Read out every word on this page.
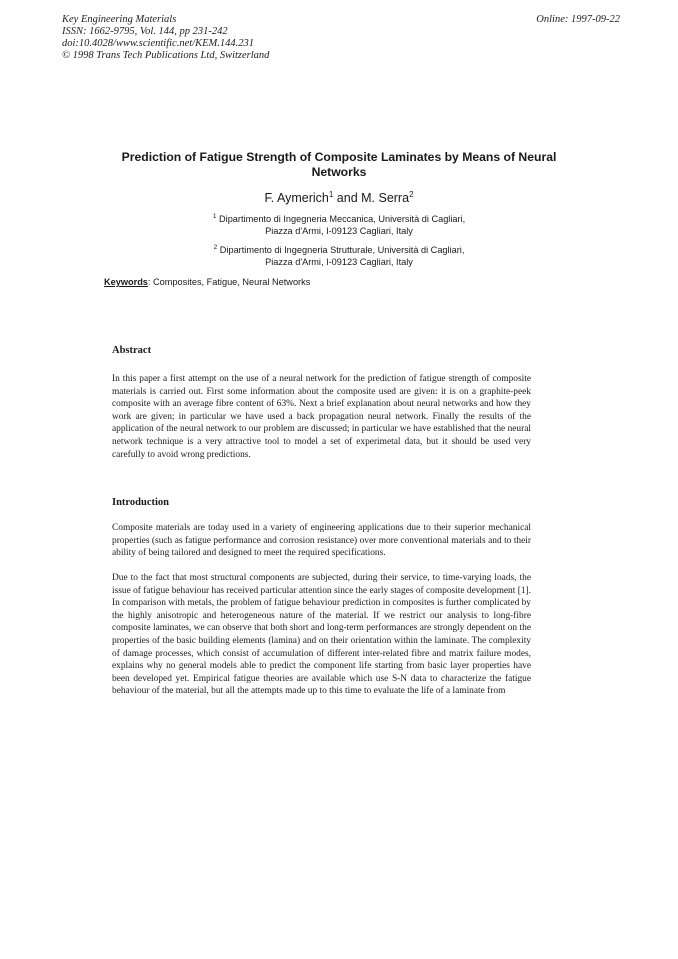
Key Engineering Materials
ISSN: 1662-9795, Vol. 144, pp 231-242
doi:10.4028/www.scientific.net/KEM.144.231
© 1998 Trans Tech Publications Ltd, Switzerland
Online: 1997-09-22
Prediction of Fatigue Strength of Composite Laminates by Means of Neural Networks
F. Aymerich$^1$ and M. Serra$^2$
$^1$ Dipartimento di Ingegneria Meccanica, Università di Cagliari,
Piazza d'Armi, I-09123 Cagliari, Italy
$^2$ Dipartimento di Ingegneria Strutturale, Università di Cagliari,
Piazza d'Armi, I-09123 Cagliari, Italy
Keywords: Composites, Fatigue, Neural Networks
Abstract

In this paper a first attempt on the use of a neural network for the prediction of fatigue strength of composite materials is carried out. First some information about the composite used are given: it is on a graphite-peek composite with an average fibre content of 63%. Next a brief explanation about neural networks and how they work are given; in particular we have used a back propagation neural network. Finally the results of the application of the neural network to our problem are discussed; in particular we have established that the neural network technique is a very attractive tool to model a set of experimetal data, but it should be used very carefully to avoid wrong predictions.

Introduction

Composite materials are today used in a variety of engineering applications due to their superior mechanical properties (such as fatigue performance and corrosion resistance) over more conventional materials and to their ability of being tailored and designed to meet the required specifications.

Due to the fact that most structural components are subjected, during their service, to time-varying loads, the issue of fatigue behaviour has received particular attention since the early stages of composite development [1]. In comparison with metals, the problem of fatigue behaviour prediction in composites is further complicated by the highly anisotropic and heterogeneous nature of the material. If we restrict our analysis to long-fibre composite laminates, we can observe that both short and long-term performances are strongly dependent on the properties of the basic building elements (lamina) and on their orientation within the laminate. The complexity of damage processes, which consist of accumulation of different inter-related fibre and matrix failure modes, explains why no general models able to predict the component life starting from basic layer properties have been developed yet. Empirical fatigue theories are available which use S-N data to characterize the fatigue behaviour of the material, but all the attempts made up to this time to evaluate the life of a laminate from
